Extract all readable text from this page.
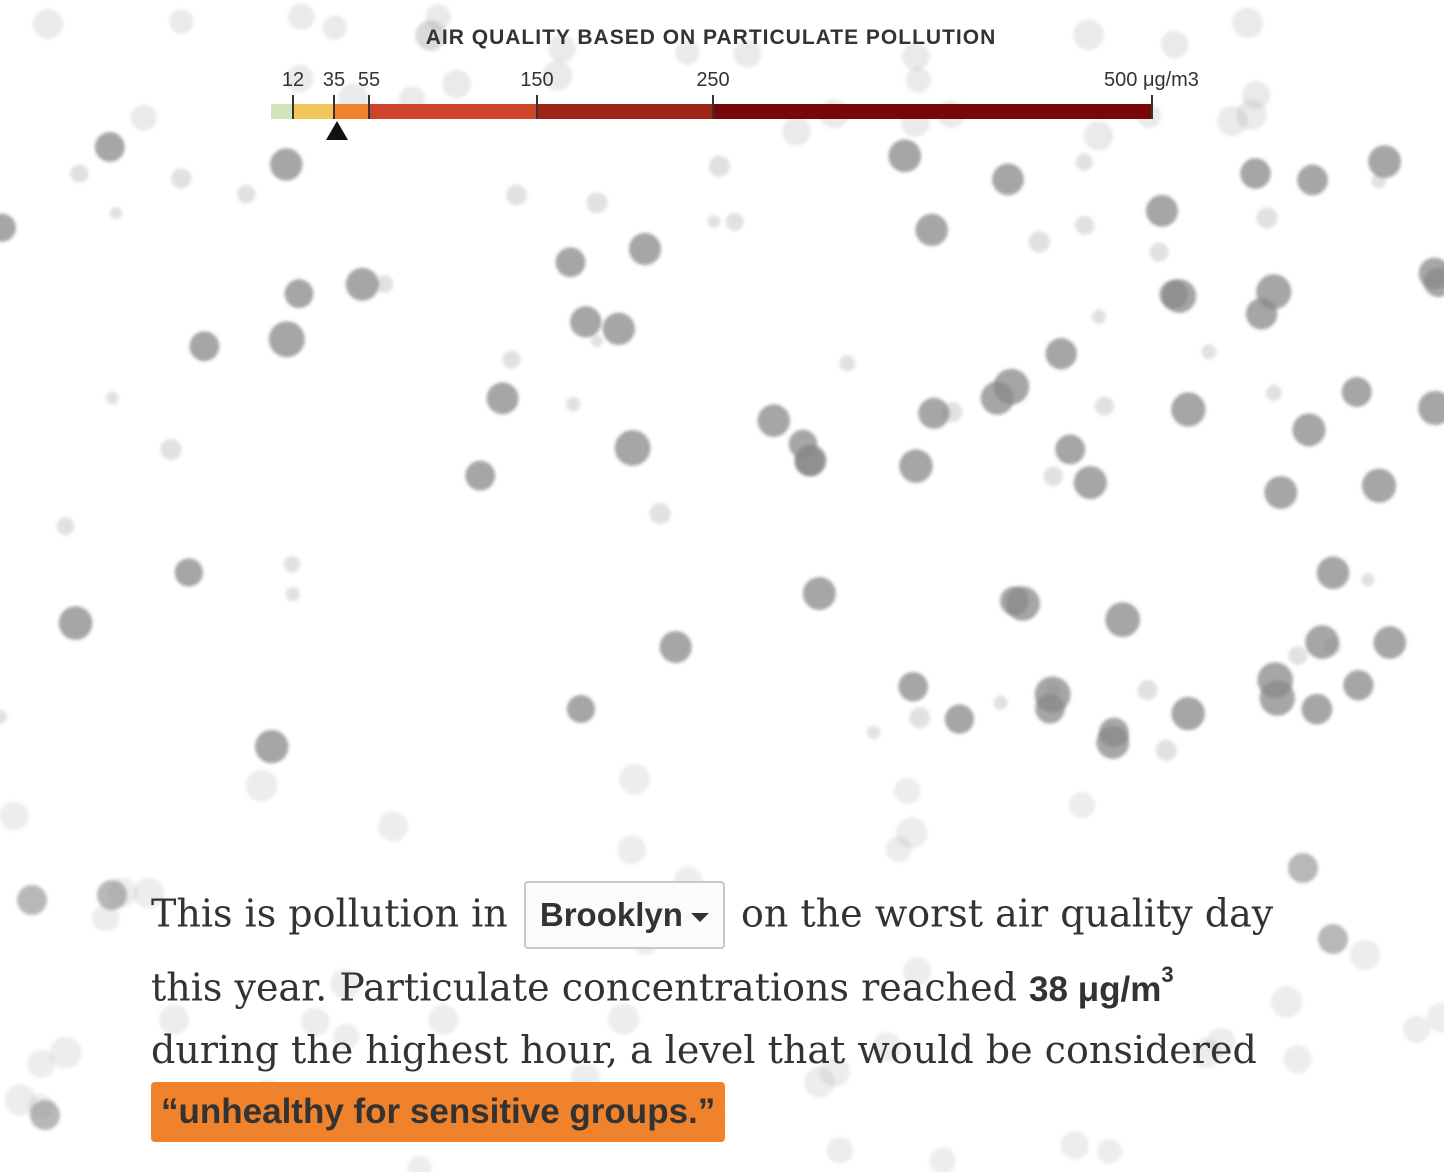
AIR QUALITY BASED ON PARTICULATE POLLUTION
12 35 55	150	250	500 μg/m3
This is pollution in Brooklyn on the worst air quality day this year. Particulate concentrations reached 38 $\mu g/m^3$ during the highest hour, a level that would be considered
“unhealthy for sensitive groups.”
